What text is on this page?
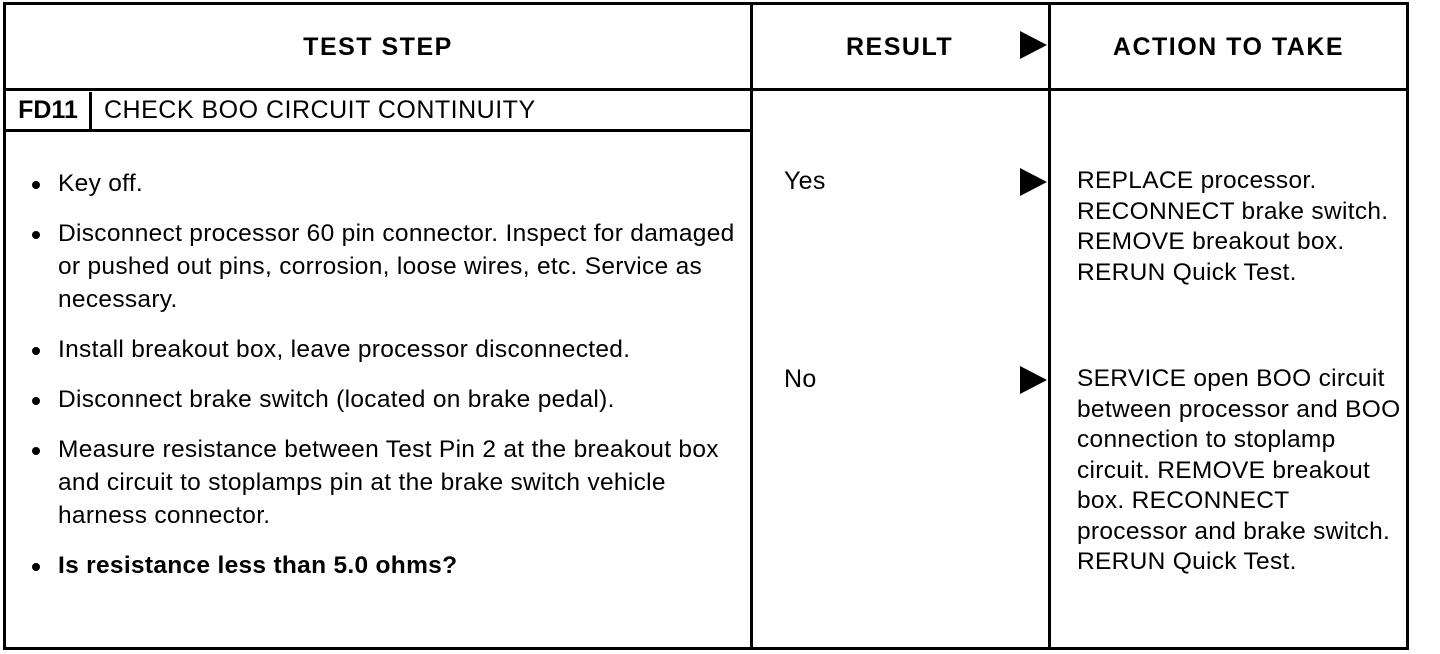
TEST STEP	RESULT	ACTION TO TAKE
FD11	CHECK BOO CIRCUIT CONTINUITY
Key off.
Disconnect processor 60 pin connector. Inspect for damaged or pushed out pins, corrosion, loose wires, etc. Service as necessary.
Install breakout box, leave processor disconnected.
Disconnect brake switch (located on brake pedal).
Measure resistance between Test Pin 2 at the breakout box and circuit to stoplamps pin at the brake switch vehicle harness connector.
Is resistance less than 5.0 ohms?
Yes	REPLACE processor. RECONNECT brake switch. REMOVE breakout box. RERUN Quick Test.
No	SERVICE open BOO circuit between processor and BOO connection to stoplamp circuit. REMOVE breakout box. RECONNECT processor and brake switch. RERUN Quick Test.
